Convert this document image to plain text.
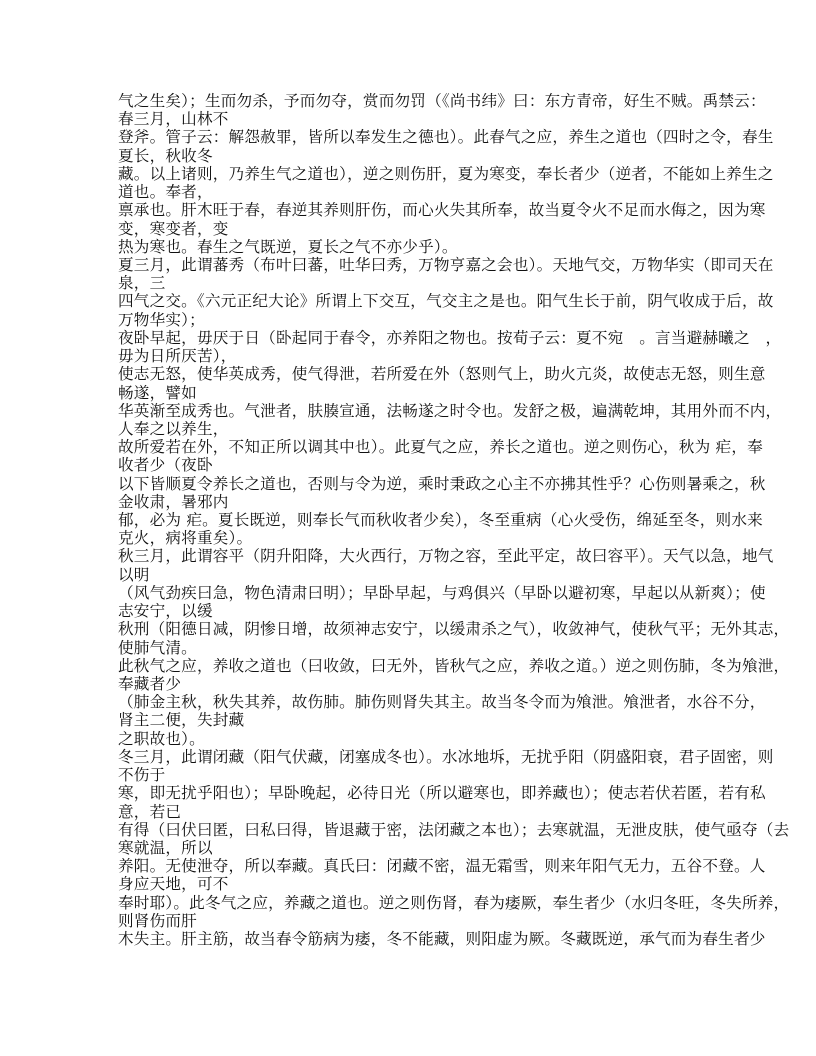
气之生矣）；生而勿杀，予而勿夺，赏而勿罚（《尚书纬》曰：东方青帝，好生不贼。禹禁云：
春三月，山林不
登斧。管子云：解怨赦罪，皆所以奉发生之德也）。此春气之应，养生之道也（四时之令，春生
夏长，秋收冬
藏。以上诸则，乃养生气之道也），逆之则伤肝，夏为寒变，奉长者少（逆者，不能如上养生之
道也。奉者，
禀承也。肝木旺于春，春逆其养则肝伤，而心火失其所奉，故当夏令火不足而水侮之，因为寒
变，寒变者，变
热为寒也。春生之气既逆，夏长之气不亦少乎）。
夏三月，此谓蕃秀（布叶曰蕃，吐华曰秀，万物亨嘉之会也）。天地气交，万物华实（即司天在
泉，三
四气之交。《六元正纪大论》所谓上下交互，气交主之是也。阳气生长于前，阴气收成于后，故
万物华实）；
夜卧早起，毋厌于日（卧起同于春令，亦养阳之物也。按荀子云：夏不宛　。言当避赫曦之　，
毋为日所厌苦），
使志无怒，使华英成秀，使气得泄，若所爱在外（怒则气上，助火亢炎，故使志无怒，则生意
畅遂，譬如
华英渐至成秀也。气泄者，肤腠宣通，法畅遂之时令也。发舒之极，遍满乾坤，其用外而不内，
人奉之以养生，
故所爱若在外，不知正所以调其中也）。此夏气之应，养长之道也。逆之则伤心，秋为 疟，奉
收者少（夜卧
以下皆顺夏令养长之道也，否则与令为逆，乘时秉政之心主不亦拂其性乎？心伤则暑乘之，秋
金收肃，暑邪内
郁，必为 疟。夏长既逆，则奉长气而秋收者少矣），冬至重病（心火受伤，绵延至冬，则水来
克火，病将重矣）。
秋三月，此谓容平（阴升阳降，大火西行，万物之容，至此平定，故曰容平）。天气以急，地气
以明
（风气劲疾曰急，物色清肃曰明）；早卧早起，与鸡俱兴（早卧以避初寒，早起以从新爽）；使
志安宁，以缓
秋刑（阳德日减，阴惨日增，故须神志安宁，以缓肃杀之气），收敛神气，使秋气平；无外其志，
使肺气清。
此秋气之应，养收之道也（曰收敛，曰无外，皆秋气之应，养收之道。）逆之则伤肺，冬为飧泄，
奉藏者少
（肺金主秋，秋失其养，故伤肺。肺伤则肾失其主。故当冬令而为飧泄。飧泄者，水谷不分，
肾主二便，失封藏
之职故也）。
冬三月，此谓闭藏（阳气伏藏，闭塞成冬也）。水冰地坼，无扰乎阳（阴盛阳衰，君子固密，则
不伤于
寒，即无扰乎阳也）；早卧晚起，必待日光（所以避寒也，即养藏也）；使志若伏若匿，若有私
意，若已
有得（曰伏曰匿，曰私曰得，皆退藏于密，法闭藏之本也）；去寒就温，无泄皮肤，使气亟夺（去
寒就温，所以
养阳。无使泄夺，所以奉藏。真氏曰：闭藏不密，温无霜雪，则来年阳气无力，五谷不登。人
身应天地，可不
奉时耶）。此冬气之应，养藏之道也。逆之则伤肾，春为痿厥，奉生者少（水归冬旺，冬失所养，
则肾伤而肝
木失主。肝主筋，故当春令筋病为痿，冬不能藏，则阳虚为厥。冬藏既逆，承气而为春生者少
